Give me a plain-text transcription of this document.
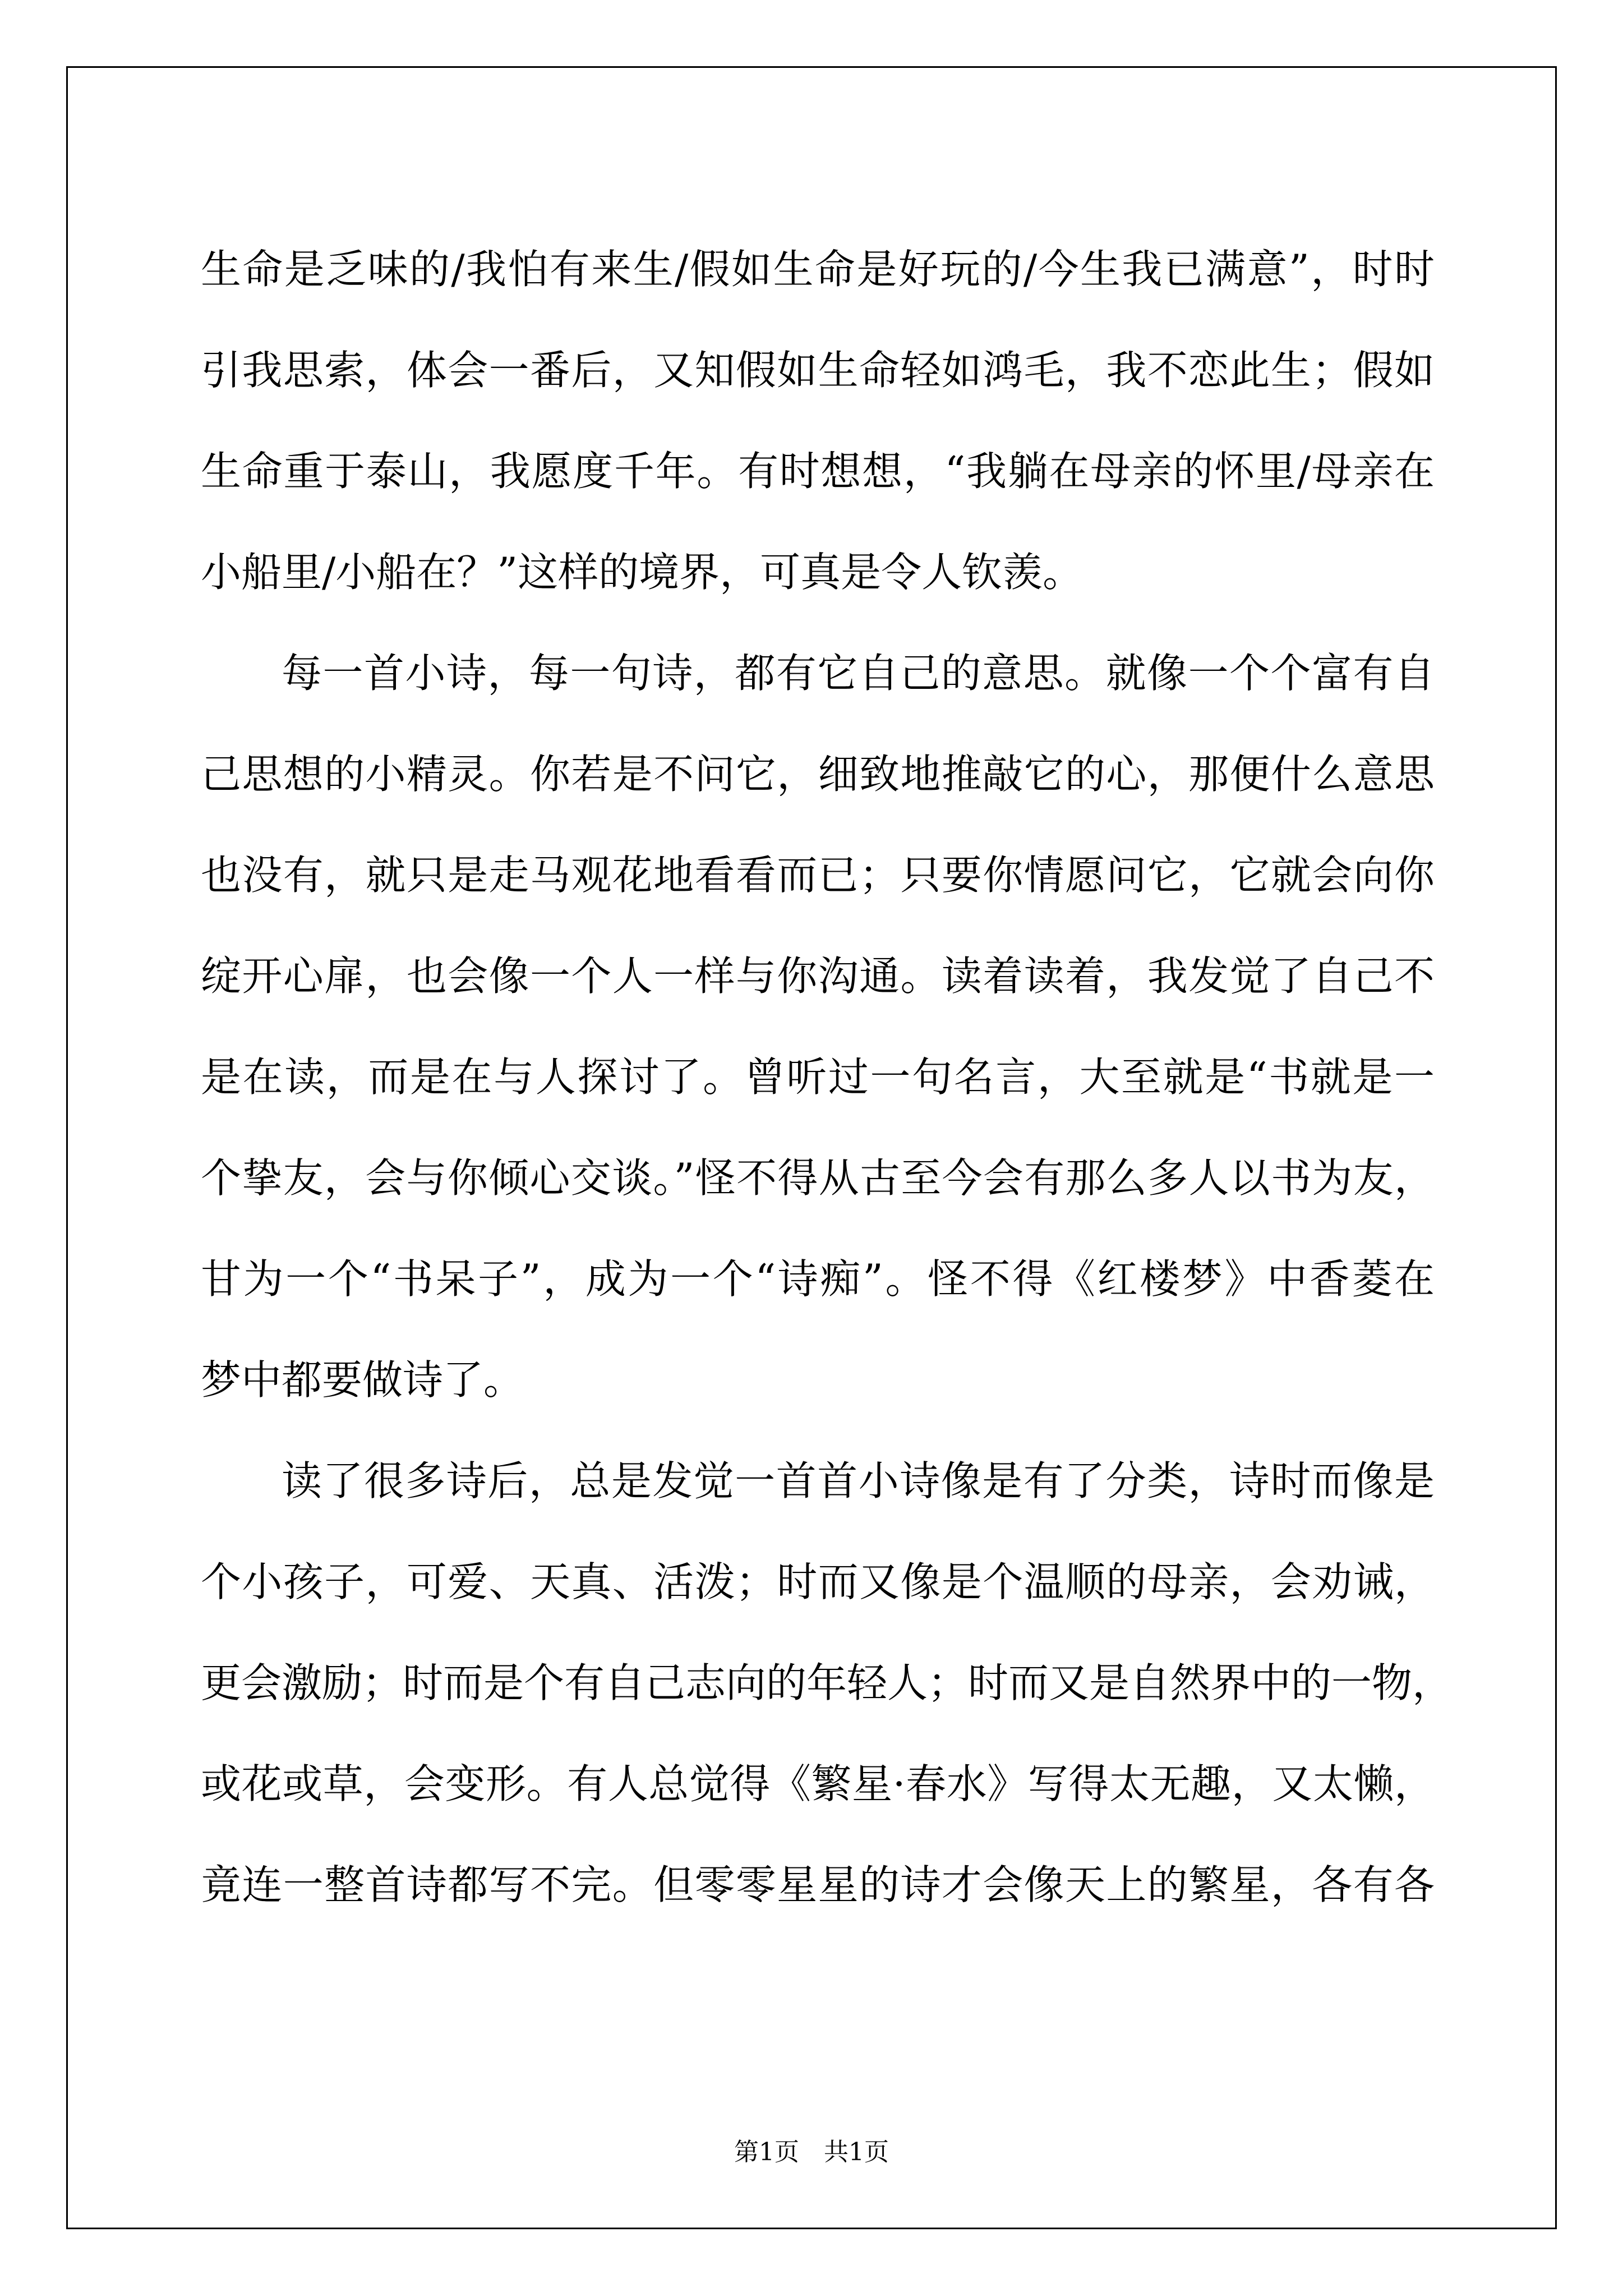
生命是乏味的/我怕有来生/假如生命是好玩的/今生我已满意”，时时
引我思索，体会一番后，又知假如生命轻如鸿毛，我不恋此生；假如
生命重于泰山，我愿度千年。有时想想，“我躺在母亲的怀里/母亲在
小船里/小船在？”这样的境界，可真是令人钦羡。
每一首小诗，每一句诗，都有它自己的意思。就像一个个富有自
己思想的小精灵。你若是不问它，细致地推敲它的心，那便什么意思
也没有，就只是走马观花地看看而已；只要你情愿问它，它就会向你
绽开心扉，也会像一个人一样与你沟通。读着读着，我发觉了自己不
是在读，而是在与人探讨了。曾听过一句名言，大至就是“书就是一
个挚友，会与你倾心交谈。”怪不得从古至今会有那么多人以书为友，
甘为一个“书呆子”，成为一个“诗痴”。怪不得《红楼梦》中香菱在
梦中都要做诗了。
读了很多诗后，总是发觉一首首小诗像是有了分类，诗时而像是
个小孩子，可爱、天真、活泼；时而又像是个温顺的母亲，会劝诫，
更会激励；时而是个有自己志向的年轻人；时而又是自然界中的一物，
或花或草，会变形。有人总觉得《繁星·春水》写得太无趣，又太懒，
竟连一整首诗都写不完。但零零星星的诗才会像天上的繁星，各有各
第1页　共1页
